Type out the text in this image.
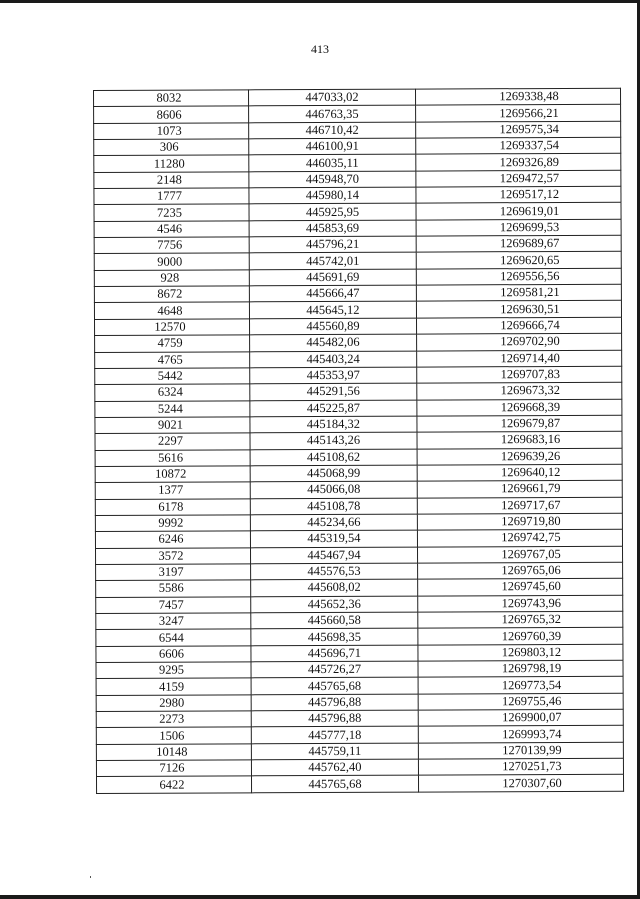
413
8032	447033,02	1269338,48
8606	446763,35	1269566,21
1073	446710,42	1269575,34
306	446100,91	1269337,54
11280	446035,11	1269326,89
2148	445948,70	1269472,57
1777	445980,14	1269517,12
7235	445925,95	1269619,01
4546	445853,69	1269699,53
7756	445796,21	1269689,67
9000	445742,01	1269620,65
928	445691,69	1269556,56
8672	445666,47	1269581,21
4648	445645,12	1269630,51
12570	445560,89	1269666,74
4759	445482,06	1269702,90
4765	445403,24	1269714,40
5442	445353,97	1269707,83
6324	445291,56	1269673,32
5244	445225,87	1269668,39
9021	445184,32	1269679,87
2297	445143,26	1269683,16
5616	445108,62	1269639,26
10872	445068,99	1269640,12
1377	445066,08	1269661,79
6178	445108,78	1269717,67
9992	445234,66	1269719,80
6246	445319,54	1269742,75
3572	445467,94	1269767,05
3197	445576,53	1269765,06
5586	445608,02	1269745,60
7457	445652,36	1269743,96
3247	445660,58	1269765,32
6544	445698,35	1269760,39
6606	445696,71	1269803,12
9295	445726,27	1269798,19
4159	445765,68	1269773,54
2980	445796,88	1269755,46
2273	445796,88	1269900,07
1506	445777,18	1269993,74
10148	445759,11	1270139,99
7126	445762,40	1270251,73
6422	445765,68	1270307,60
